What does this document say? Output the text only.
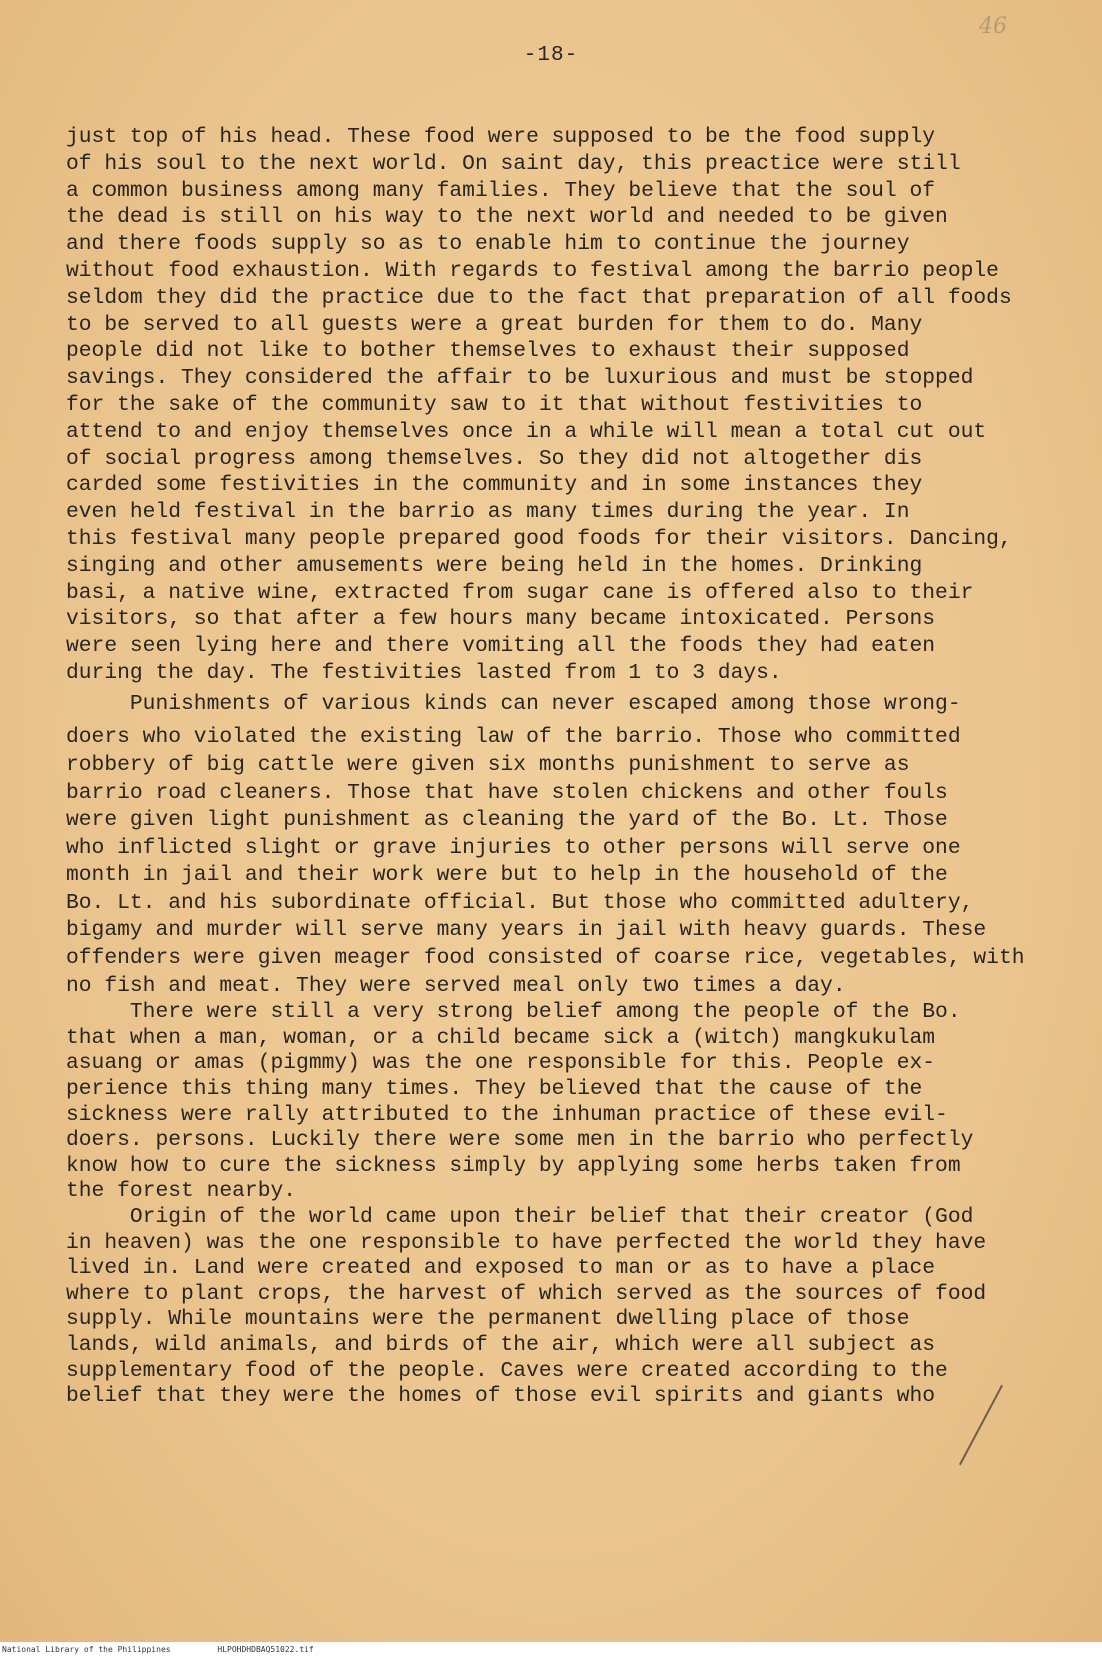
46
-18-
just top of his head. These food were supposed to be the food supply
of his soul to the next world. On saint day, this preactice were still
a common business among many families. They believe that the soul of
the dead is still on his way to the next world and needed to be given
and there foods supply so as to enable him to continue the journey
without food exhaustion. With regards to festival among the barrio people
seldom they did the practice due to the fact that preparation of all foods
to be served to all guests were a great burden for them to do. Many
people did not like to bother themselves to exhaust their supposed
savings. They considered the affair to be luxurious and must be stopped
for the sake of the community saw to it that without festivities to
attend to and enjoy themselves once in a while will mean a total cut out
of social progress among themselves. So they did not altogether dis
carded some festivities in the community and in some instances they
even held festival in the barrio as many times during the year. In
this festival many people prepared good foods for their visitors. Dancing,
singing and other amusements were being held in the homes. Drinking
basi, a native wine, extracted from sugar cane is offered also to their
visitors, so that after a few hours many became intoxicated. Persons
were seen lying here and there vomiting all the foods they had eaten
during the day. The festivities lasted from 1 to 3 days.
Punishments of various kinds can never escaped among those wrong-
doers who violated the existing law of the barrio. Those who committed
robbery of big cattle were given six months punishment to serve as
barrio road cleaners. Those that have stolen chickens and other fouls
were given light punishment as cleaning the yard of the Bo. Lt. Those
who inflicted slight or grave injuries to other persons will serve one
month in jail and their work were but to help in the household of the
Bo. Lt. and his subordinate official. But those who committed adultery,
bigamy and murder will serve many years in jail with heavy guards. These
offenders were given meager food consisted of coarse rice, vegetables, with
no fish and meat. They were served meal only two times a day.
There were still a very strong belief among the people of the Bo.
that when a man, woman, or a child became sick a (witch) mangkukulam
asuang or amas (pigmmy) was the one responsible for this. People ex-
perience this thing many times. They believed that the cause of the
sickness were rally attributed to the inhuman practice of these evil-
doers. persons. Luckily there were some men in the barrio who perfectly
know how to cure the sickness simply by applying some herbs taken from
the forest nearby.
Origin of the world came upon their belief that their creator (God
in heaven) was the one responsible to have perfected the world they have
lived in. Land were created and exposed to man or as to have a place
where to plant crops, the harvest of which served as the sources of food
supply. While mountains were the permanent dwelling place of those
lands, wild animals, and birds of the air, which were all subject as
supplementary food of the people. Caves were created according to the
belief that they were the homes of those evil spirits and giants who
National Library of the Philippines	HLPOHDHDBAQ51022.tif
